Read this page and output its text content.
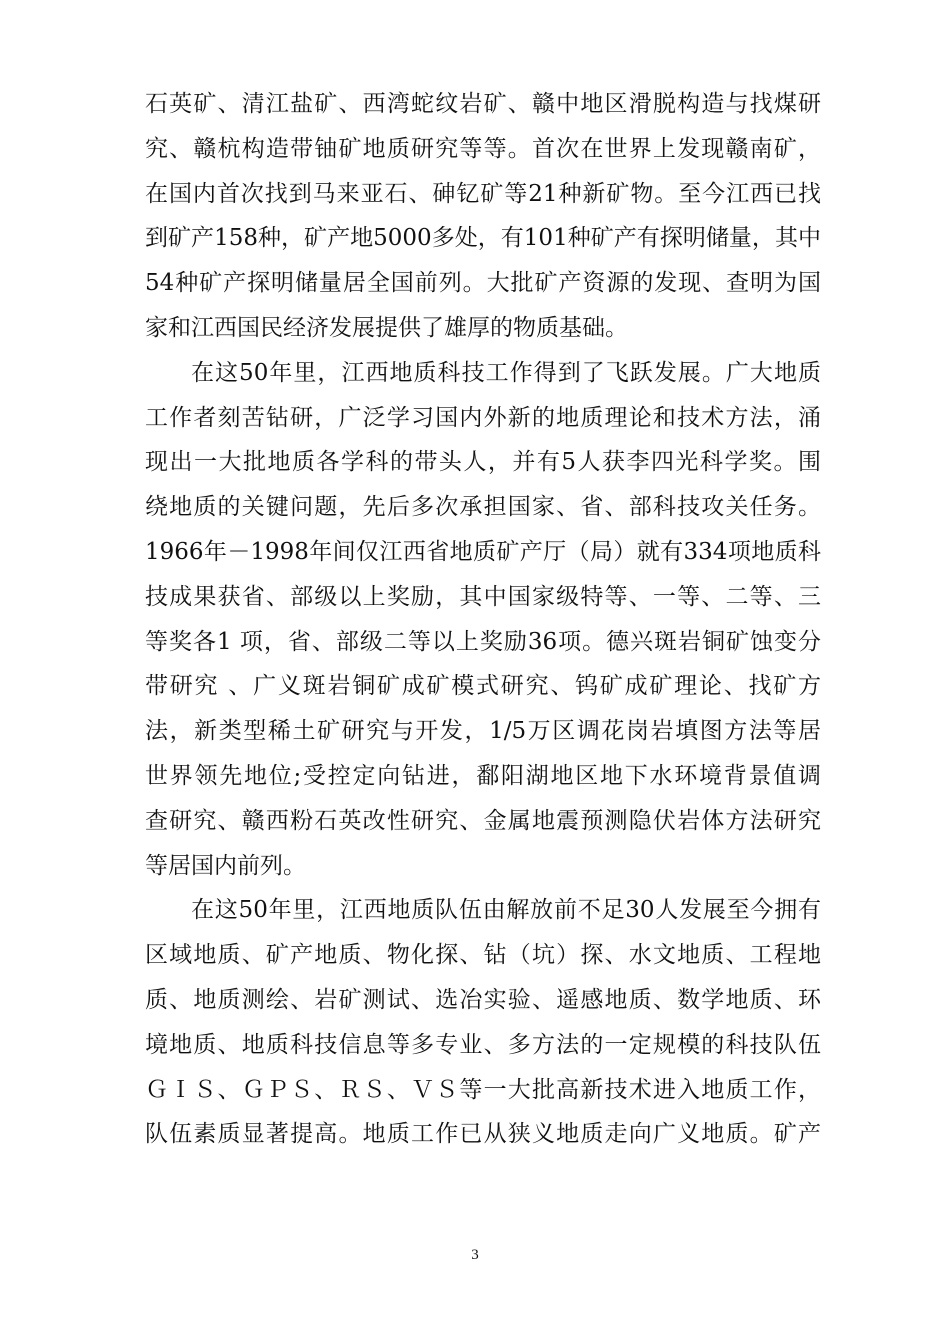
石英矿、清江盐矿、西湾蛇纹岩矿、赣中地区滑脱构造与找煤研
究、赣杭构造带铀矿地质研究等等。首次在世界上发现赣南矿，
在国内首次找到马来亚石、砷钇矿等21种新矿物。至今江西已找
到矿产158种，矿产地5000多处，有101种矿产有探明储量，其中
54种矿产探明储量居全国前列。大批矿产资源的发现、查明为国
家和江西国民经济发展提供了雄厚的物质基础。
在这50年里，江西地质科技工作得到了飞跃发展。广大地质
工作者刻苦钻研，广泛学习国内外新的地质理论和技术方法，涌
现出一大批地质各学科的带头人，并有5人获李四光科学奖。围
绕地质的关键问题，先后多次承担国家、省、部科技攻关任务。
1966年－1998年间仅江西省地质矿产厅（局）就有334项地质科
技成果获省、部级以上奖励，其中国家级特等、一等、二等、三
等奖各1 项，省、部级二等以上奖励36项。德兴斑岩铜矿蚀变分
带研究 、广义斑岩铜矿成矿模式研究、钨矿成矿理论、找矿方
法，新类型稀土矿研究与开发，1/5万区调花岗岩填图方法等居
世界领先地位;受控定向钻进，鄱阳湖地区地下水环境背景值调
查研究、赣西粉石英改性研究、金属地震预测隐伏岩体方法研究
等居国内前列。
在这50年里，江西地质队伍由解放前不足30人发展至今拥有
区域地质、矿产地质、物化探、钻（坑）探、水文地质、工程地
质、地质测绘、岩矿测试、选冶实验、遥感地质、数学地质、环
境地质、地质科技信息等多专业、多方法的一定规模的科技队伍
ＧＩＳ、ＧＰＳ、ＲＳ、ＶＳ等一大批高新技术进入地质工作，
队伍素质显著提高。地质工作已从狭义地质走向广义地质。矿产
3
